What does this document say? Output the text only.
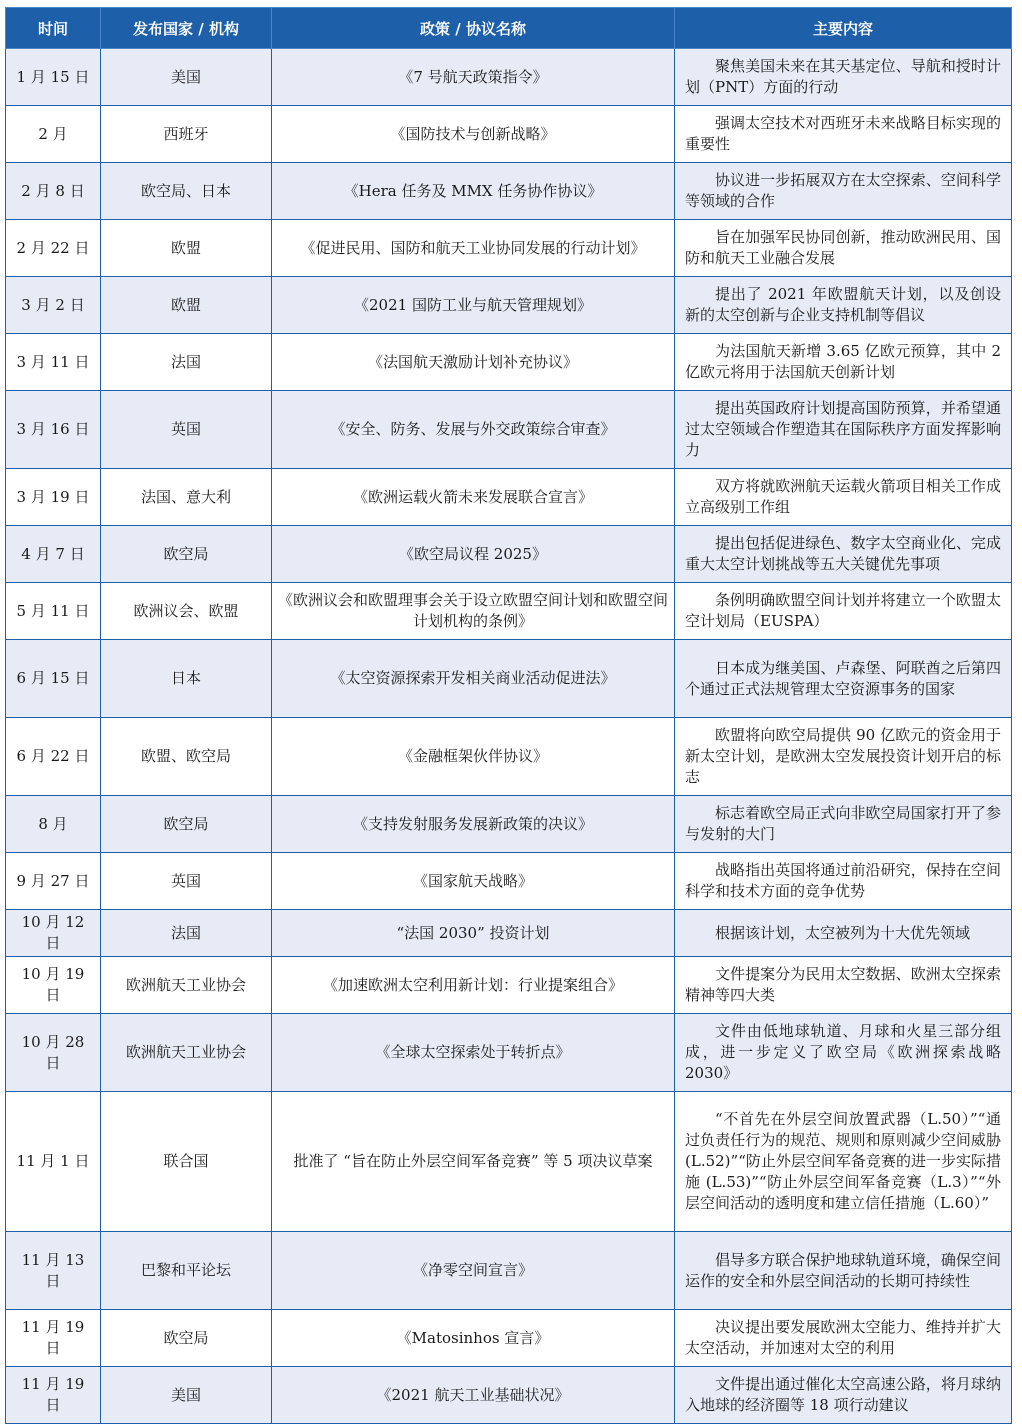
时间	发布国家 / 机构	政策 / 协议名称	主要内容
1 月 15 日	美国	《7 号航天政策指令》	聚焦美国未来在其天基定位、导航和授时计划（PNT）方面的行动
2 月	西班牙	《国防技术与创新战略》	强调太空技术对西班牙未来战略目标实现的重要性
2 月 8 日	欧空局、日本	《Hera 任务及 MMX 任务协作协议》	协议进一步拓展双方在太空探索、空间科学等领域的合作
2 月 22 日	欧盟	《促进民用、国防和航天工业协同发展的行动计划》	旨在加强军民协同创新，推动欧洲民用、国防和航天工业融合发展
3 月 2 日	欧盟	《2021 国防工业与航天管理规划》	提出了 2021 年欧盟航天计划，以及创设新的太空创新与企业支持机制等倡议
3 月 11 日	法国	《法国航天激励计划补充协议》	为法国航天新增 3.65 亿欧元预算，其中 2 亿欧元将用于法国航天创新计划
3 月 16 日	英国	《安全、防务、发展与外交政策综合审查》	提出英国政府计划提高国防预算，并希望通过太空领域合作塑造其在国际秩序方面发挥影响力
3 月 19 日	法国、意大利	《欧洲运载火箭未来发展联合宣言》	双方将就欧洲航天运载火箭项目相关工作成立高级别工作组
4 月 7 日	欧空局	《欧空局议程 2025》	提出包括促进绿色、数字太空商业化、完成重大太空计划挑战等五大关键优先事项
5 月 11 日	欧洲议会、欧盟	《欧洲议会和欧盟理事会关于设立欧盟空间计划和欧盟空间计划机构的条例》	条例明确欧盟空间计划并将建立一个欧盟太空计划局（EUSPA）
6 月 15 日	日本	《太空资源探索开发相关商业活动促进法》	日本成为继美国、卢森堡、阿联酋之后第四个通过正式法规管理太空资源事务的国家
6 月 22 日	欧盟、欧空局	《金融框架伙伴协议》	欧盟将向欧空局提供 90 亿欧元的资金用于新太空计划，是欧洲太空发展投资计划开启的标志
8 月	欧空局	《支持发射服务发展新政策的决议》	标志着欧空局正式向非欧空局国家打开了参与发射的大门
9 月 27 日	英国	《国家航天战略》	战略指出英国将通过前沿研究，保持在空间科学和技术方面的竞争优势
10 月 12 日	法国	“法国 2030” 投资计划	根据该计划，太空被列为十大优先领域
10 月 19 日	欧洲航天工业协会	《加速欧洲太空利用新计划：行业提案组合》	文件提案分为民用太空数据、欧洲太空探索精神等四大类
10 月 28 日	欧洲航天工业协会	《全球太空探索处于转折点》	文件由低地球轨道、月球和火星三部分组成，进一步定义了欧空局《欧洲探索战略 2030》
11 月 1 日	联合国	批准了 “旨在防止外层空间军备竞赛” 等 5 项决议草案	“不首先在外层空间放置武器（L.50）”“通过负责任行为的规范、规则和原则减少空间威胁 (L.52)”“防止外层空间军备竞赛的进一步实际措施 (L.53)”“防止外层空间军备竞赛（L.3）”“外层空间活动的透明度和建立信任措施（L.60）”
11 月 13 日	巴黎和平论坛	《净零空间宣言》	倡导多方联合保护地球轨道环境，确保空间运作的安全和外层空间活动的长期可持续性
11 月 19 日	欧空局	《Matosinhos 宣言》	决议提出要发展欧洲太空能力、维持并扩大太空活动，并加速对太空的利用
11 月 19 日	美国	《2021 航天工业基础状况》	文件提出通过催化太空高速公路，将月球纳入地球的经济圈等 18 项行动建议
